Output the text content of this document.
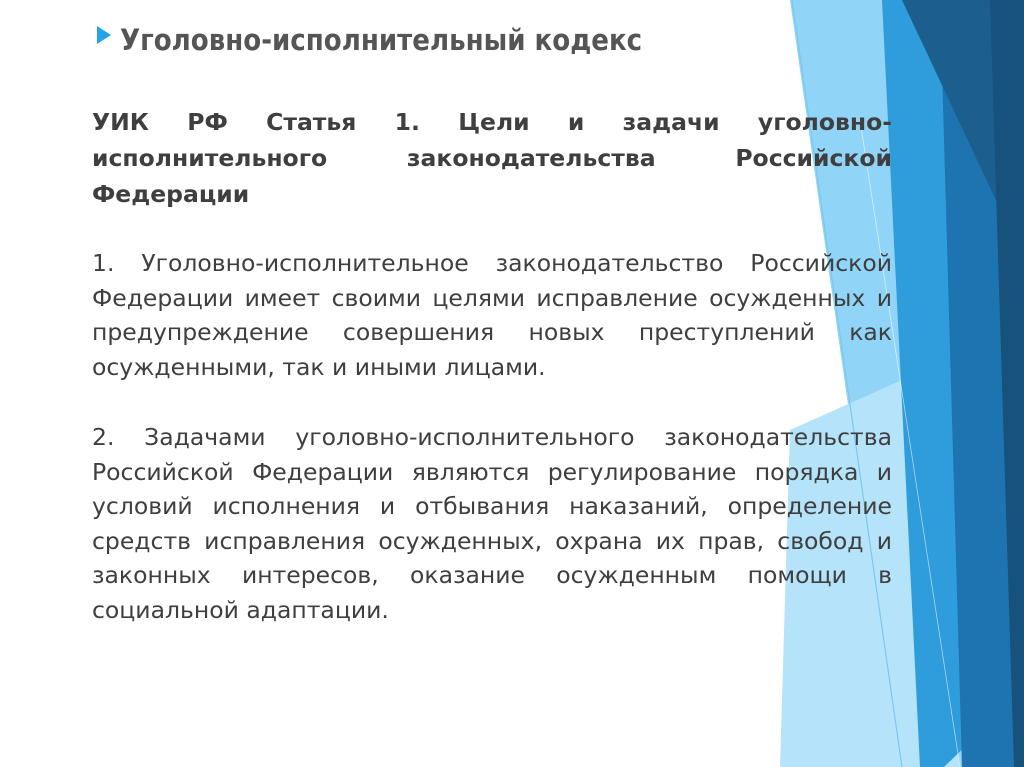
Уголовно-исполнительный кодекс

УИК РФ Статья 1. Цели и задачи уголовно-исполнительного законодательства Российской Федерации

1. Уголовно-исполнительное законодательство Российской Федерации имеет своими целями исправление осужденных и предупреждение совершения новых преступлений как осужденными, так и иными лицами.

2. Задачами уголовно-исполнительного законодательства Российской Федерации являются регулирование порядка и условий исполнения и отбывания наказаний, определение средств исправления осужденных, охрана их прав, свобод и законных интересов, оказание осужденным помощи в социальной адаптации.
